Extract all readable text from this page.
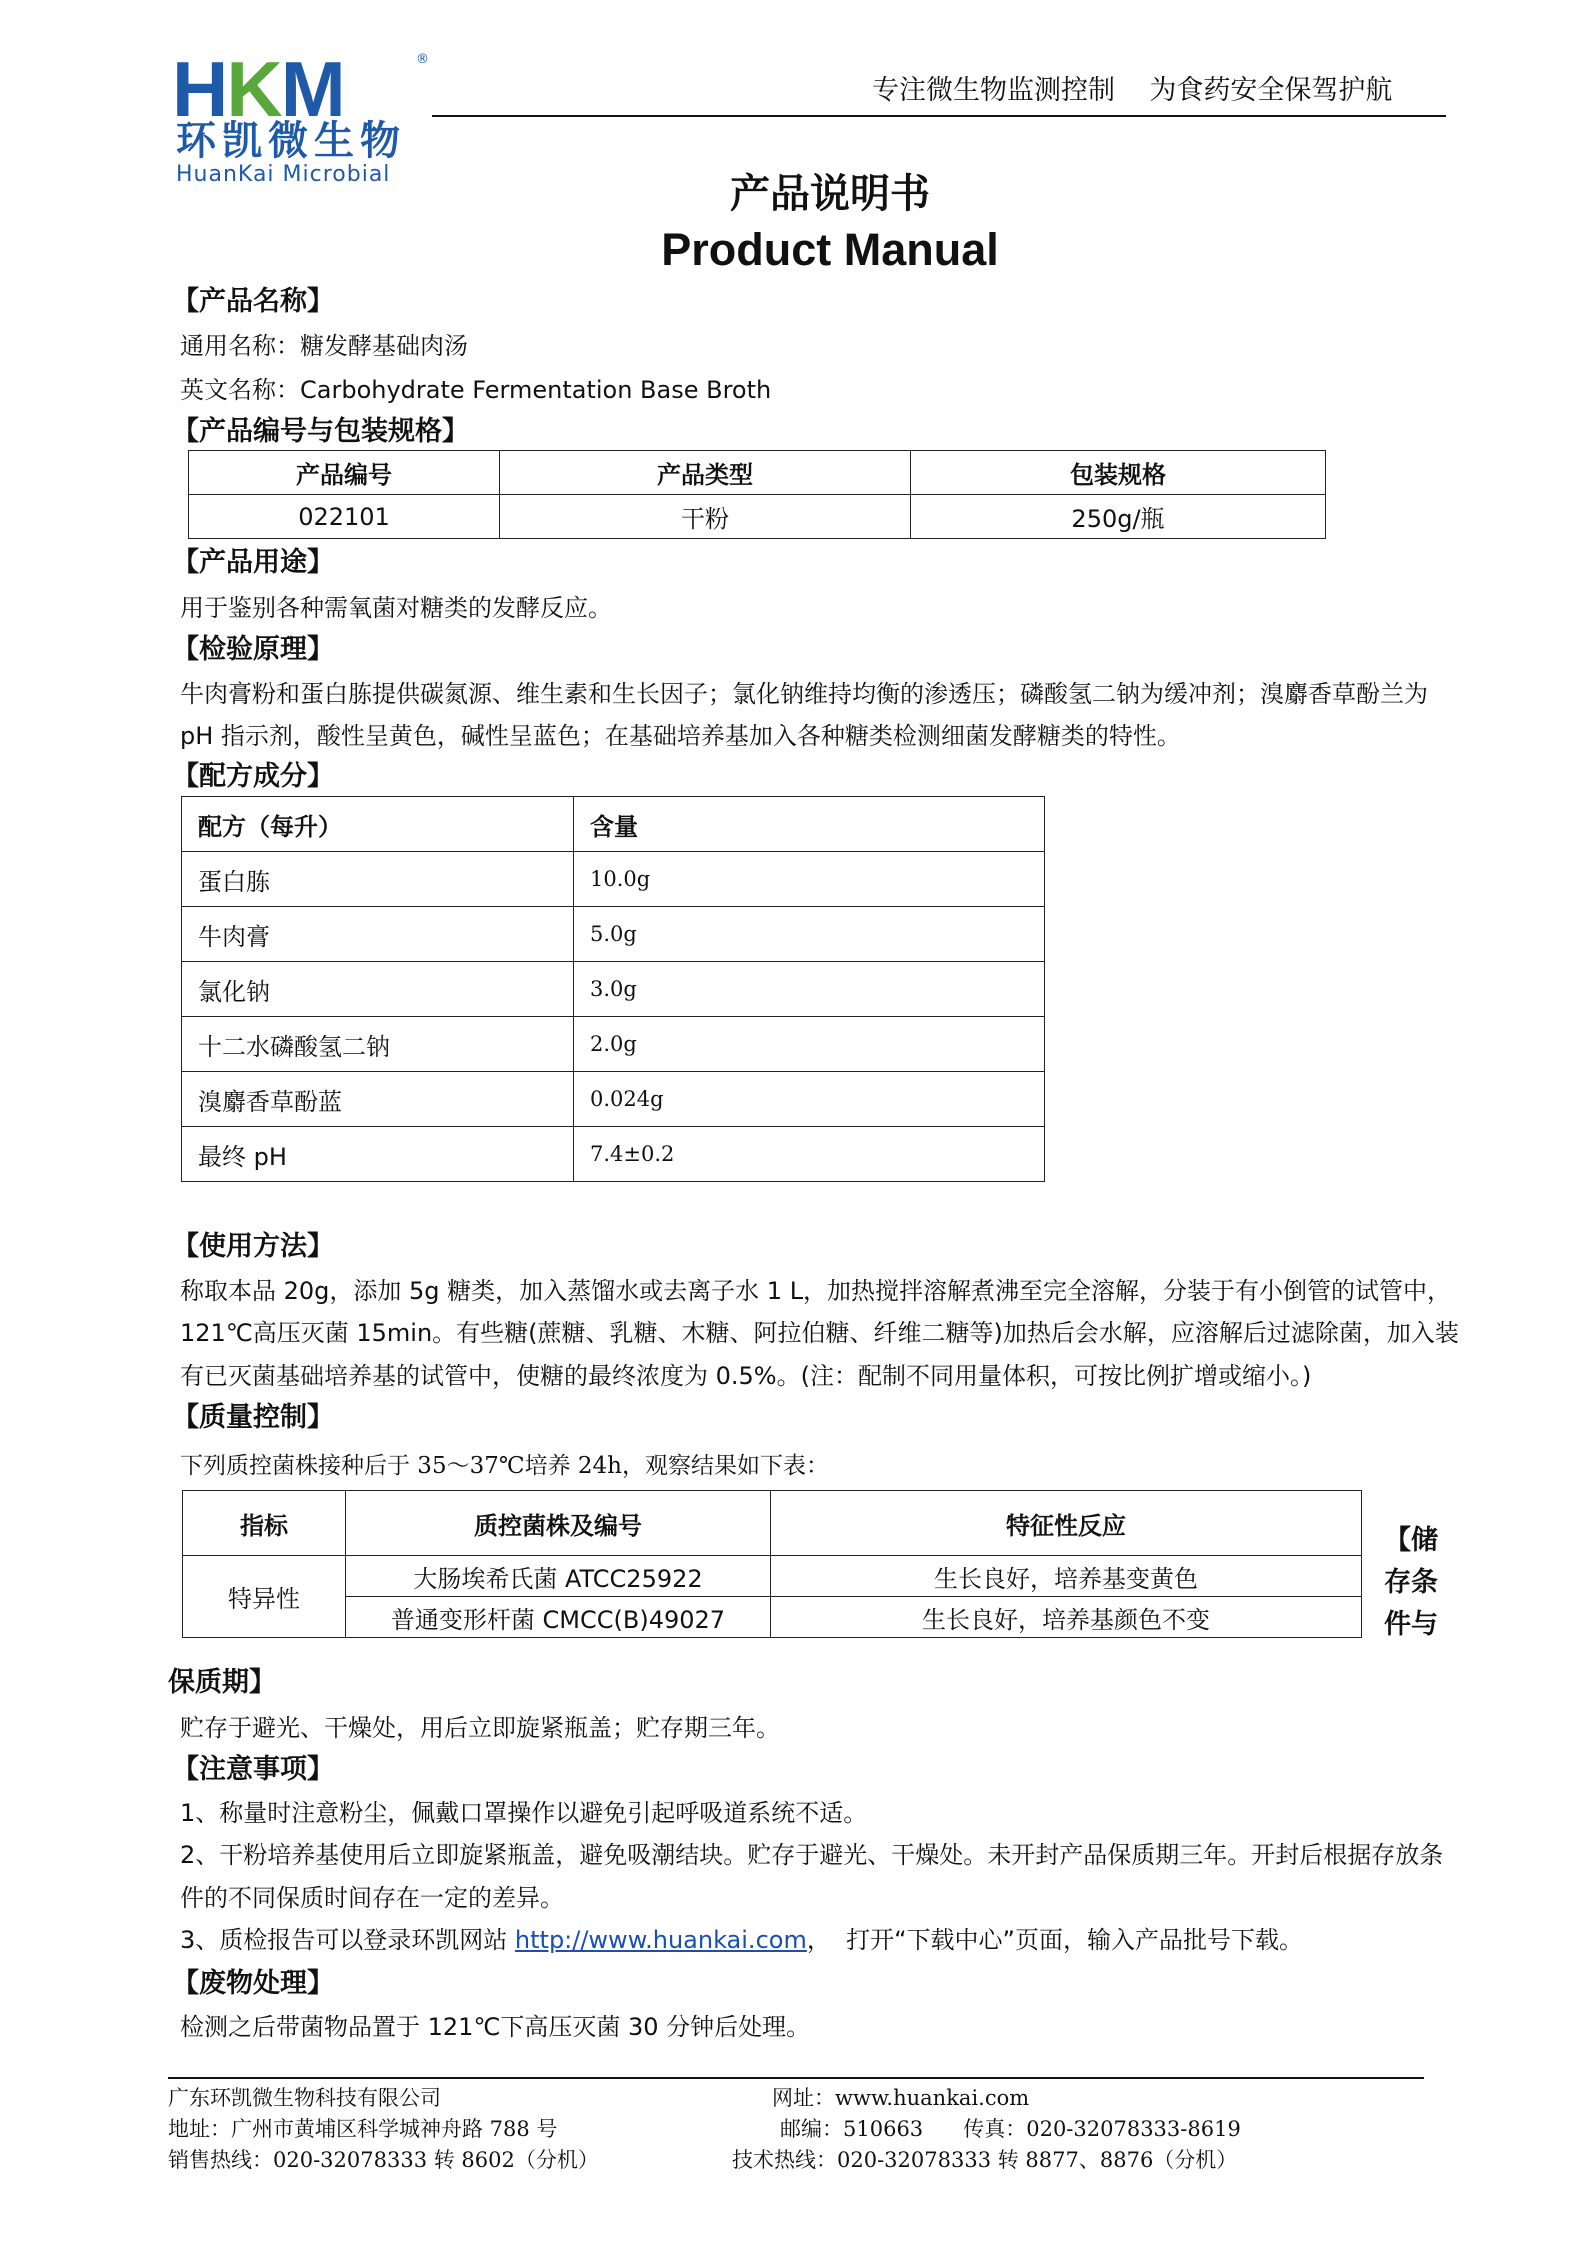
HKM	®
环凯微生物
HuanKai Microbial
专注微生物监测控制    为食药安全保驾护航
产品说明书
Product Manual
【产品名称】
通用名称：糖发酵基础肉汤
英文名称：Carbohydrate Fermentation Base Broth
【产品编号与包装规格】
产品编号	产品类型	包装规格
022101	干粉	250g/瓶
【产品用途】
用于鉴别各种需氧菌对糖类的发酵反应。
【检验原理】
牛肉膏粉和蛋白胨提供碳氮源、维生素和生长因子；氯化钠维持均衡的渗透压；磷酸氢二钠为缓冲剂；溴麝香草酚兰为
pH 指示剂，酸性呈黄色，碱性呈蓝色；在基础培养基加入各种糖类检测细菌发酵糖类的特性。
【配方成分】
配方（每升）	含量
蛋白胨	10.0g
牛肉膏	5.0g
氯化钠	3.0g
十二水磷酸氢二钠	2.0g
溴麝香草酚蓝	0.024g
最终 pH	7.4±0.2
【使用方法】
称取本品 20g，添加 5g 糖类，加入蒸馏水或去离子水 1 L，加热搅拌溶解煮沸至完全溶解，分装于有小倒管的试管中，
121℃高压灭菌 15min。有些糖(蔗糖、乳糖、木糖、阿拉伯糖、纤维二糖等)加热后会水解，应溶解后过滤除菌，加入装
有已灭菌基础培养基的试管中，使糖的最终浓度为 0.5%。(注：配制不同用量体积，可按比例扩增或缩小。)
【质量控制】
下列质控菌株接种后于 35～37℃培养 24h，观察结果如下表：
指标	质控菌株及编号	特征性反应
特异性	大肠埃希氏菌 ATCC25922	生长良好，培养基变黄色
	普通变形杆菌 CMCC(B)49027	生长良好，培养基颜色不变
【储存条件与
保质期】
贮存于避光、干燥处，用后立即旋紧瓶盖；贮存期三年。
【注意事项】
1、称量时注意粉尘，佩戴口罩操作以避免引起呼吸道系统不适。
2、干粉培养基使用后立即旋紧瓶盖，避免吸潮结块。贮存于避光、干燥处。未开封产品保质期三年。开封后根据存放条
件的不同保质时间存在一定的差异。
3、质检报告可以登录环凯网站 http://www.huankai.com，  打开“下载中心”页面，输入产品批号下载。
【废物处理】
检测之后带菌物品置于 121℃下高压灭菌 30 分钟后处理。
广东环凯微生物科技有限公司
地址：广州市黄埔区科学城神舟路 788 号
销售热线：020-32078333 转 8602（分机）
网址：www.huankai.com
邮编：510663      传真：020-32078333-8619
技术热线：020-32078333 转 8877、8876（分机）
